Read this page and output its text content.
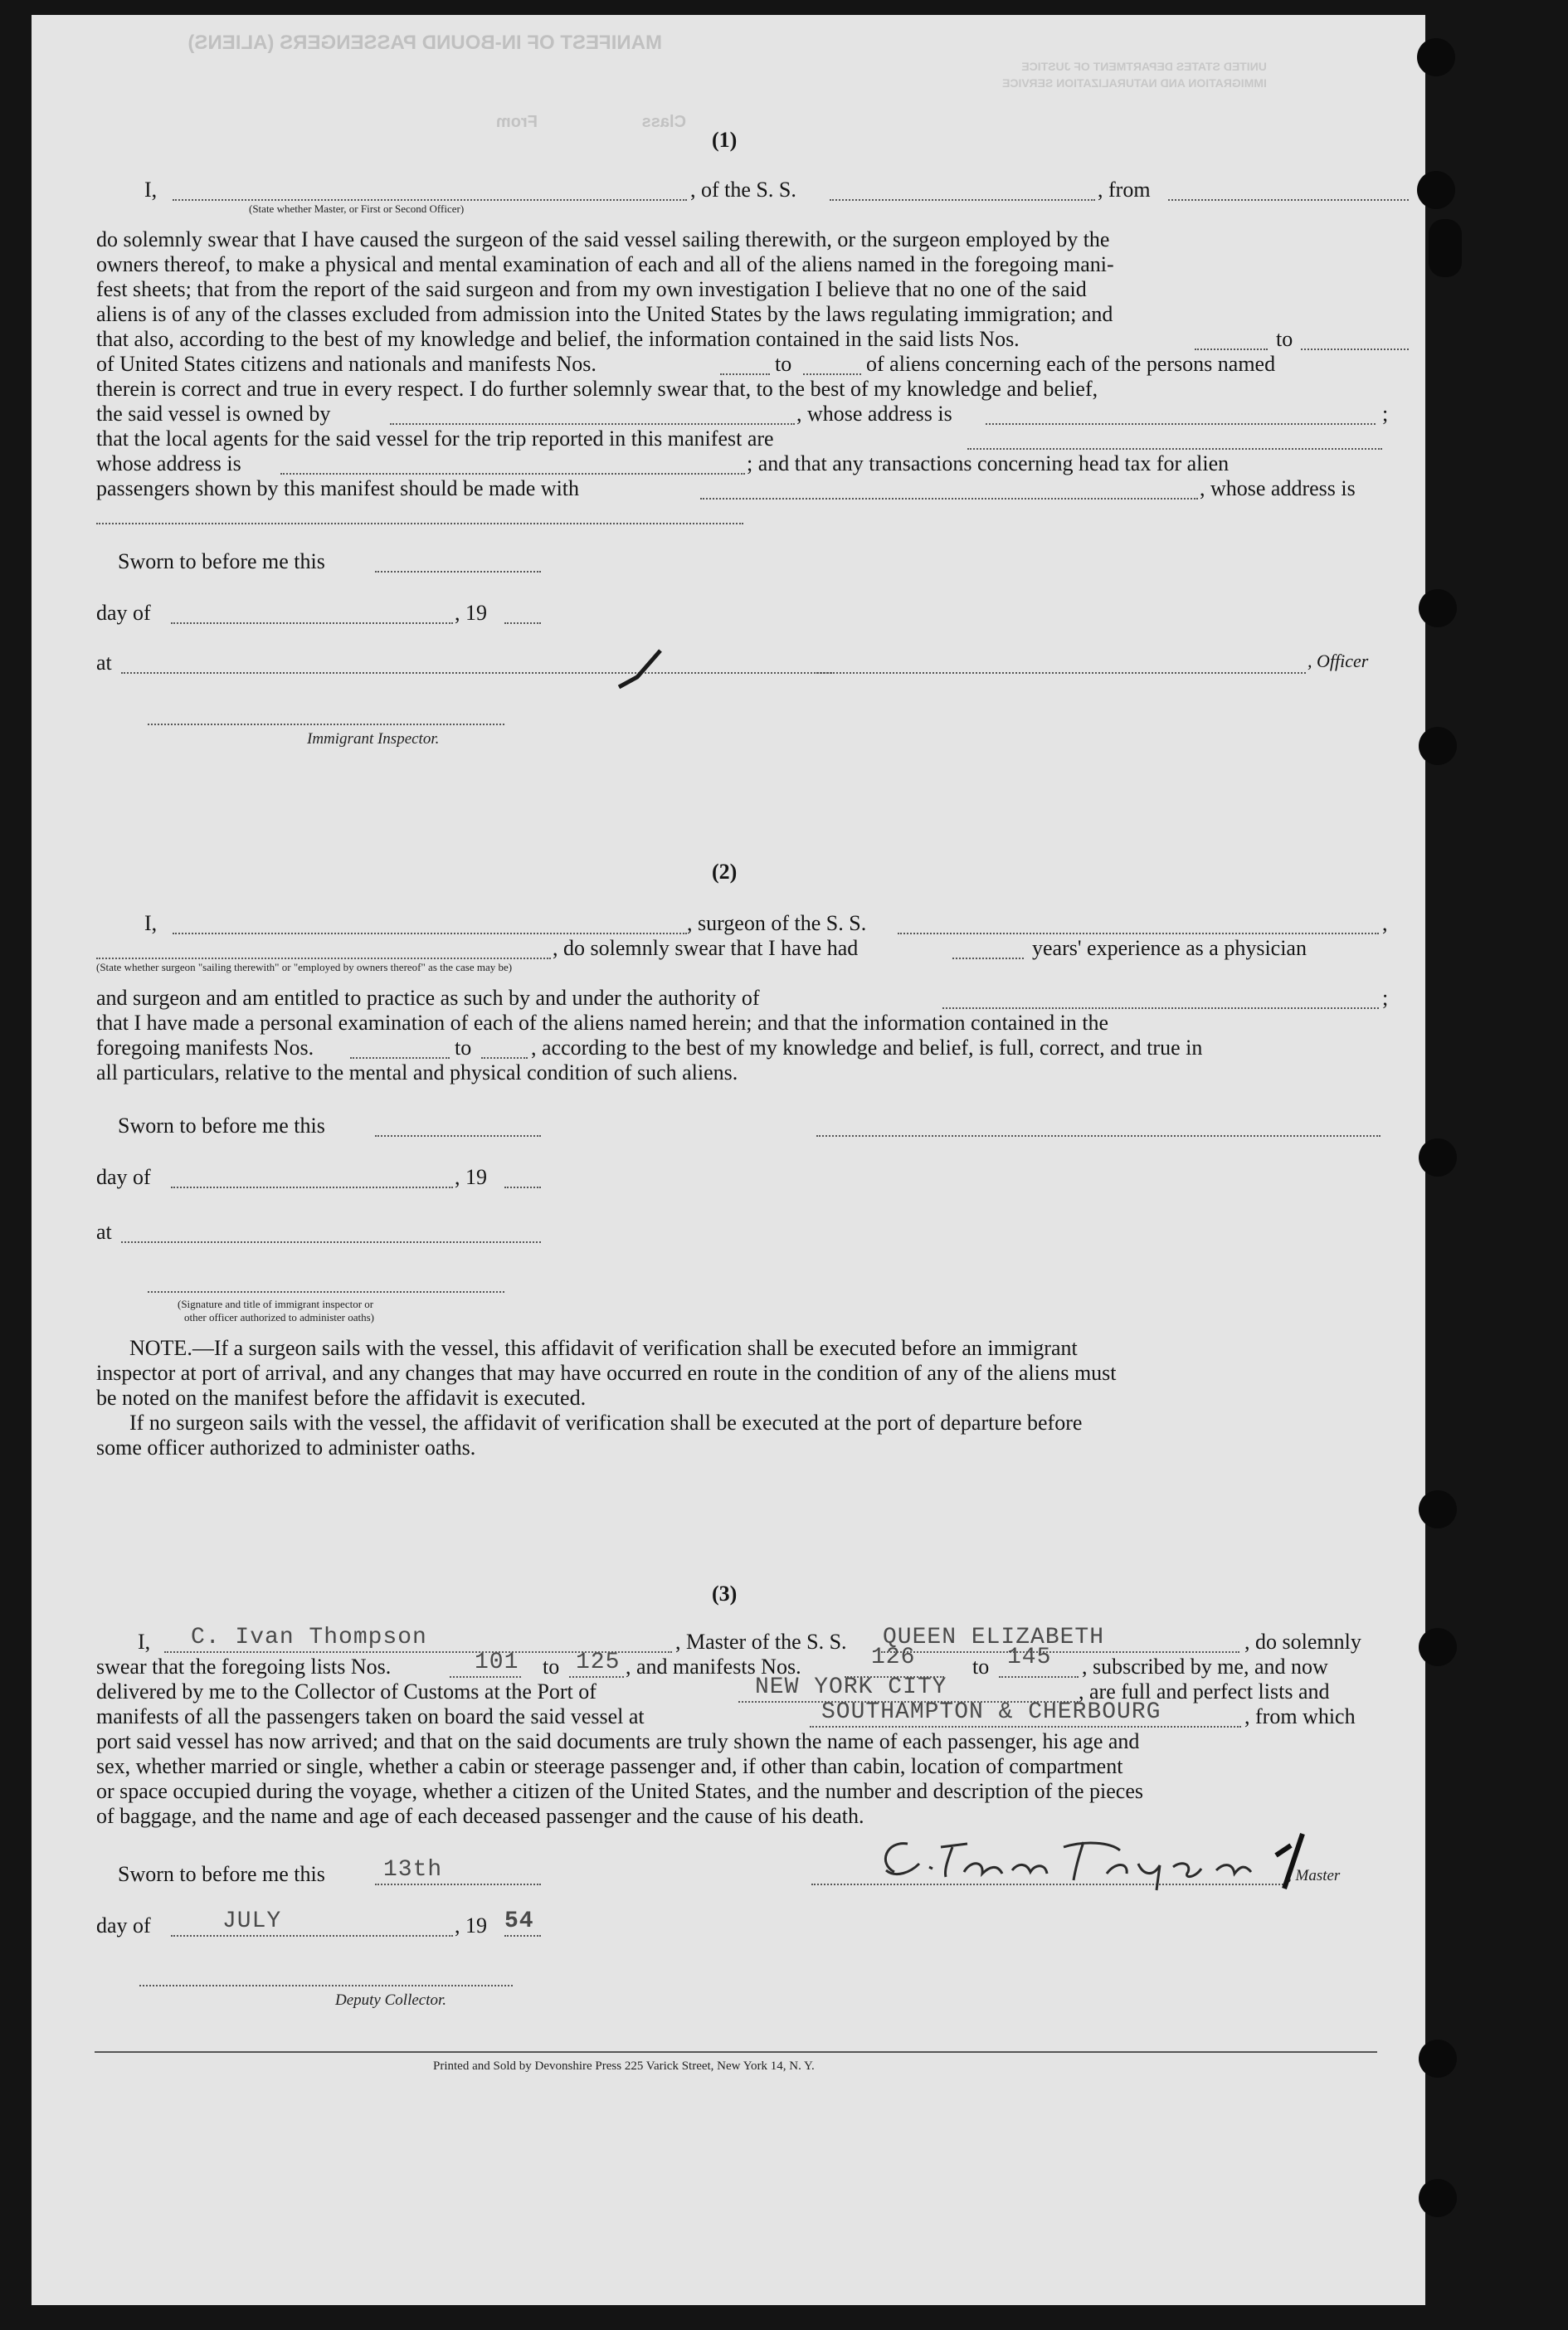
MANIFEST OF IN-BOUND PASSENGERS (ALIENS)
Class From
UNITED STATES DEPARTMENT OF JUSTICE
IMMIGRATION AND NATURALIZATION SERVICE
(1)
I,	, of the S. S.	, from
(State whether Master, or First or Second Officer)
do solemnly swear that I have caused the surgeon of the said vessel sailing therewith, or the surgeon employed by the
owners thereof, to make a physical and mental examination of each and all of the aliens named in the foregoing mani-
fest sheets; that from the report of the said surgeon and from my own investigation I believe that no one of the said
aliens is of any of the classes excluded from admission into the United States by the laws regulating immigration; and
that also, according to the best of my knowledge and belief, the information contained in the said lists Nos.	to
of United States citizens and nationals and manifests Nos.	to	of aliens concerning each of the persons named
therein is correct and true in every respect. I do further solemnly swear that, to the best of my knowledge and belief,
the said vessel is owned by	, whose address is	;
that the local agents for the said vessel for the trip reported in this manifest are
whose address is	; and that any transactions concerning head tax for alien
passengers shown by this manifest should be made with	, whose address is
Sworn to before me this
day of	, 19
at	, Officer
Immigrant Inspector.
(2)
I,	, surgeon of the S. S.	,
, do solemnly swear that I have had	years' experience as a physician
(State whether surgeon "sailing therewith" or "employed by owners thereof" as the case may be)
and surgeon and am entitled to practice as such by and under the authority of	;
that I have made a personal examination of each of the aliens named herein; and that the information contained in the
foregoing manifests Nos.	to	, according to the best of my knowledge and belief, is full, correct, and true in
all particulars, relative to the mental and physical condition of such aliens.
Sworn to before me this
day of	, 19
at
(Signature and title of immigrant inspector or
other officer authorized to administer oaths)
NOTE.—If a surgeon sails with the vessel, this affidavit of verification shall be executed before an immigrant
inspector at port of arrival, and any changes that may have occurred en route in the condition of any of the aliens must
be noted on the manifest before the affidavit is executed.
If no surgeon sails with the vessel, the affidavit of verification shall be executed at the port of departure before
some officer authorized to administer oaths.
(3)
I, C. Ivan Thompson	, Master of the S. S. QUEEN ELIZABETH	, do solemnly
swear that the foregoing lists Nos.	101 to 125 , and manifests Nos.	126	to 145 , subscribed by me, and now
delivered by me to the Collector of Customs at the Port of	NEW YORK CITY	, are full and perfect lists and
manifests of all the passengers taken on board the said vessel at	SOUTHAMPTON & CHERBOURG	, from which
port said vessel has now arrived; and that on the said documents are truly shown the name of each passenger, his age and
sex, whether married or single, whether a cabin or steerage passenger and, if other than cabin, location of compartment
or space occupied during the voyage, whether a citizen of the United States, and the number and description of the pieces
of baggage, and the name and age of each deceased passenger and the cause of his death.
Sworn to before me this	13th	, Master
day of	JULY	, 19 54
Deputy Collector.
Printed and Sold by Devonshire Press 225 Varick Street, New York 14, N. Y.
